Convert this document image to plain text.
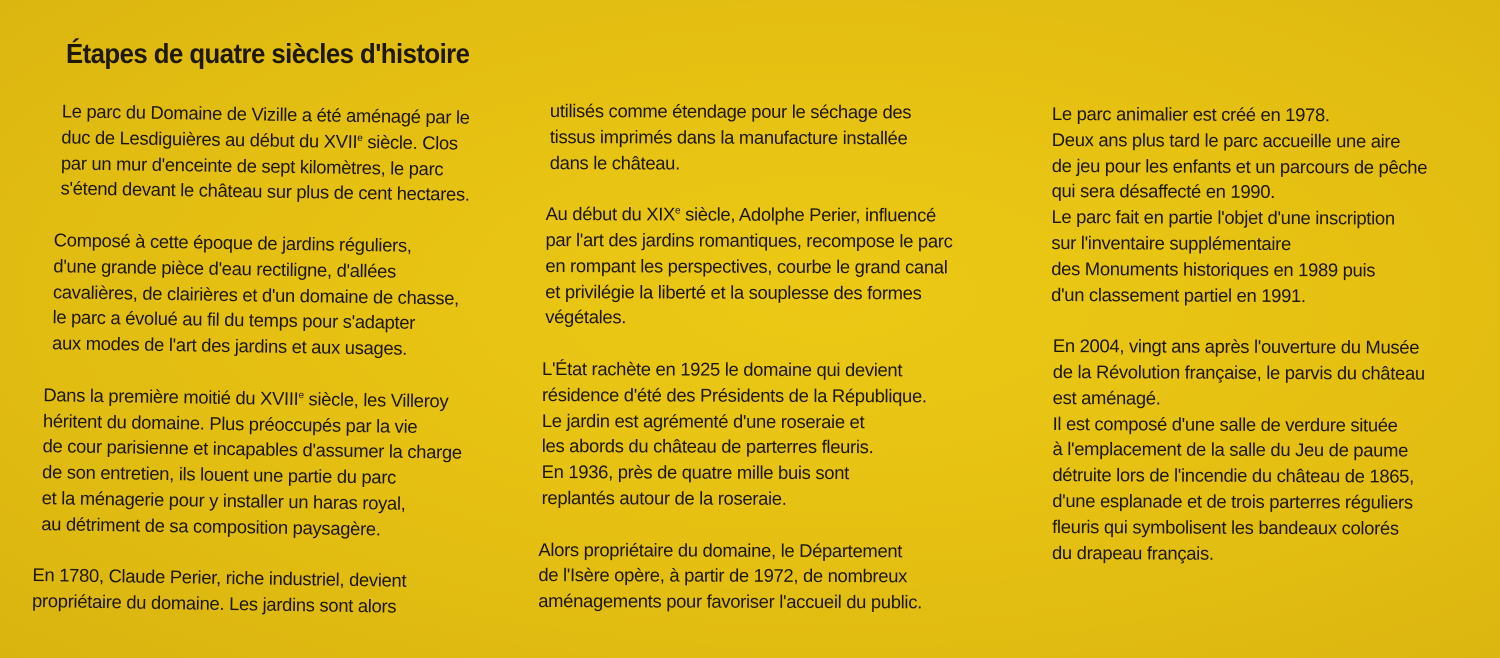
Étapes de quatre siècles d'histoire
Le parc du Domaine de Vizille a été aménagé par le
duc de Lesdiguières au début du XVIIe siècle. Clos
par un mur d'enceinte de sept kilomètres, le parc
s'étend devant le château sur plus de cent hectares.
Composé à cette époque de jardins réguliers,
d'une grande pièce d'eau rectiligne, d'allées
cavalières, de clairières et d'un domaine de chasse,
le parc a évolué au fil du temps pour s'adapter
aux modes de l'art des jardins et aux usages.
Dans la première moitié du XVIIIe siècle, les Villeroy
héritent du domaine. Plus préoccupés par la vie
de cour parisienne et incapables d'assumer la charge
de son entretien, ils louent une partie du parc
et la ménagerie pour y installer un haras royal,
au détriment de sa composition paysagère.
En 1780, Claude Perier, riche industriel, devient
propriétaire du domaine. Les jardins sont alors
utilisés comme étendage pour le séchage des
tissus imprimés dans la manufacture installée
dans le château.
Au début du XIXe siècle, Adolphe Perier, influencé
par l'art des jardins romantiques, recompose le parc
en rompant les perspectives, courbe le grand canal
et privilégie la liberté et la souplesse des formes
végétales.
L'État rachète en 1925 le domaine qui devient
résidence d'été des Présidents de la République.
Le jardin est agrémenté d'une roseraie et
les abords du château de parterres fleuris.
En 1936, près de quatre mille buis sont
replantés autour de la roseraie.
Alors propriétaire du domaine, le Département
de l'Isère opère, à partir de 1972, de nombreux
aménagements pour favoriser l'accueil du public.
Le parc animalier est créé en 1978.
Deux ans plus tard le parc accueille une aire
de jeu pour les enfants et un parcours de pêche
qui sera désaffecté en 1990.
Le parc fait en partie l'objet d'une inscription
sur l'inventaire supplémentaire
des Monuments historiques en 1989 puis
d'un classement partiel en 1991.
En 2004, vingt ans après l'ouverture du Musée
de la Révolution française, le parvis du château
est aménagé.
Il est composé d'une salle de verdure située
à l'emplacement de la salle du Jeu de paume
détruite lors de l'incendie du château de 1865,
d'une esplanade et de trois parterres réguliers
fleuris qui symbolisent les bandeaux colorés
du drapeau français.
